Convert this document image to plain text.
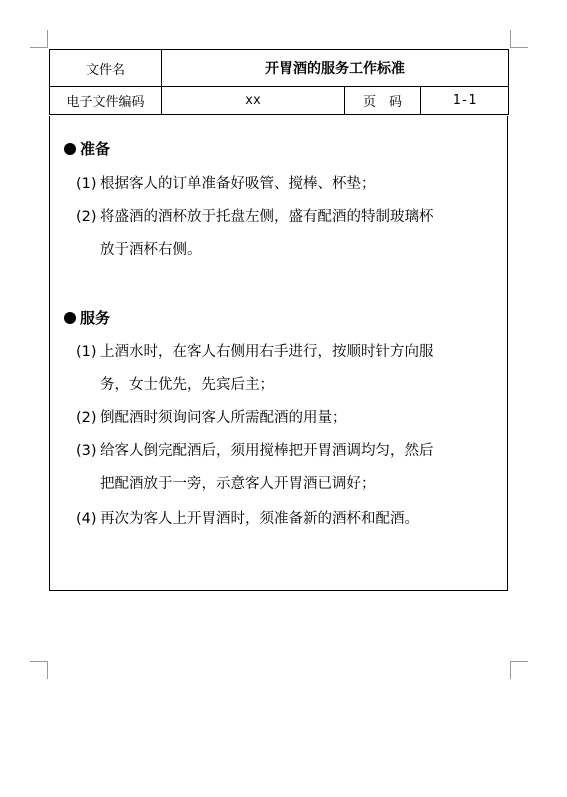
文件名	开胃酒的服务工作标准		
电子文件编码	xx	页　码	1-1
准备
(1) 根据客人的订单准备好吸管、搅棒、杯垫；
(2) 将盛酒的酒杯放于托盘左侧，盛有配酒的特制玻璃杯
放于酒杯右侧。
服务
(1) 上酒水时，在客人右侧用右手进行，按顺时针方向服
务，女士优先，先宾后主；
(2) 倒配酒时须询问客人所需配酒的用量；
(3) 给客人倒完配酒后，须用搅棒把开胃酒调均匀，然后
把配酒放于一旁，示意客人开胃酒已调好；
(4) 再次为客人上开胃酒时，须准备新的酒杯和配酒。
